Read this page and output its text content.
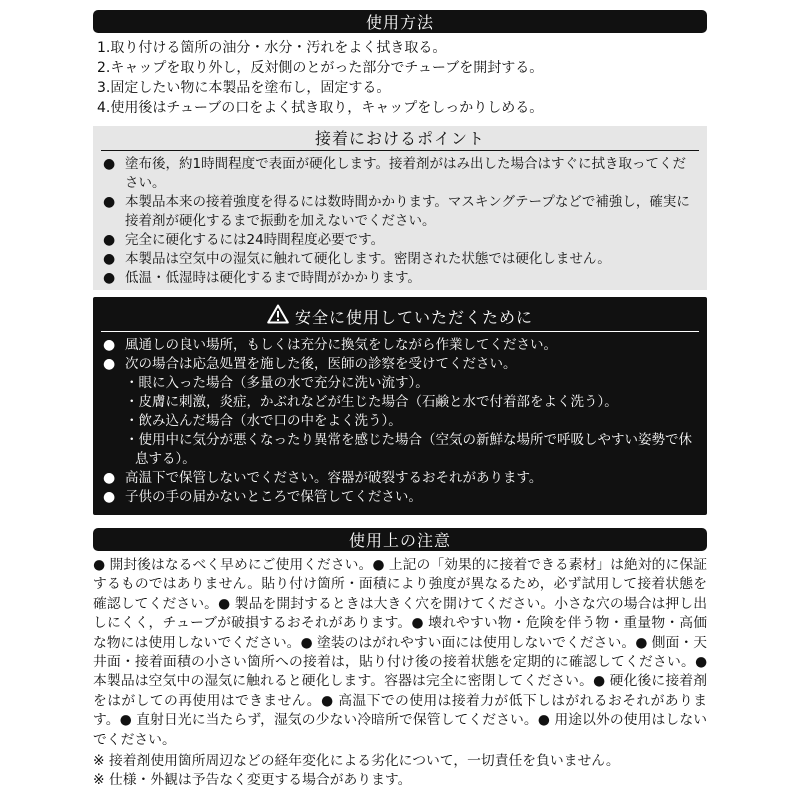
使用方法
1.取り付ける箇所の油分・水分・汚れをよく拭き取る。
2.キャップを取り外し，反対側のとがった部分でチューブを開封する。
3.固定したい物に本製品を塗布し，固定する。
4.使用後はチューブの口をよく拭き取り，キャップをしっかりしめる。
接着におけるポイント
● 塗布後，約1時間程度で表面が硬化します。接着剤がはみ出した場合はすぐに拭き取ってください。
● 本製品本来の接着強度を得るには数時間かかります。マスキングテープなどで補強し，確実に接着剤が硬化するまで振動を加えないでください。
● 完全に硬化するには24時間程度必要です。
● 本製品は空気中の湿気に触れて硬化します。密閉された状態では硬化しません。
● 低温・低湿時は硬化するまで時間がかかります。
安全に使用していただくために
● 風通しの良い場所，もしくは充分に換気をしながら作業してください。
● 次の場合は応急処置を施した後，医師の診察を受けてください。
・眼に入った場合（多量の水で充分に洗い流す）。
・皮膚に刺激，炎症，かぶれなどが生じた場合（石鹸と水で付着部をよく洗う）。
・飲み込んだ場合（水で口の中をよく洗う）。
・使用中に気分が悪くなったり異常を感じた場合（空気の新鮮な場所で呼吸しやすい姿勢で休息する）。
● 高温下で保管しないでください。容器が破裂するおそれがあります。
● 子供の手の届かないところで保管してください。
使用上の注意
● 開封後はなるべく早めにご使用ください。● 上記の「効果的に接着できる素材」は絶対的に保証するものではありません。貼り付け箇所・面積により強度が異なるため，必ず試用して接着状態を確認してください。● 製品を開封するときは大きく穴を開けてください。小さな穴の場合は押し出しにくく，チューブが破損するおそれがあります。● 壊れやすい物・危険を伴う物・重量物・高価な物には使用しないでください。● 塗装のはがれやすい面には使用しないでください。● 側面・天井面・接着面積の小さい箇所への接着は，貼り付け後の接着状態を定期的に確認してください。● 本製品は空気中の湿気に触れると硬化します。容器は完全に密閉してください。● 硬化後に接着剤をはがしての再使用はできません。● 高温下での使用は接着力が低下しはがれるおそれがあります。● 直射日光に当たらず，湿気の少ない冷暗所で保管してください。● 用途以外の使用はしないでください。
※ 接着剤使用箇所周辺などの経年変化による劣化について，一切責任を負いません。
※ 仕様・外観は予告なく変更する場合があります。
